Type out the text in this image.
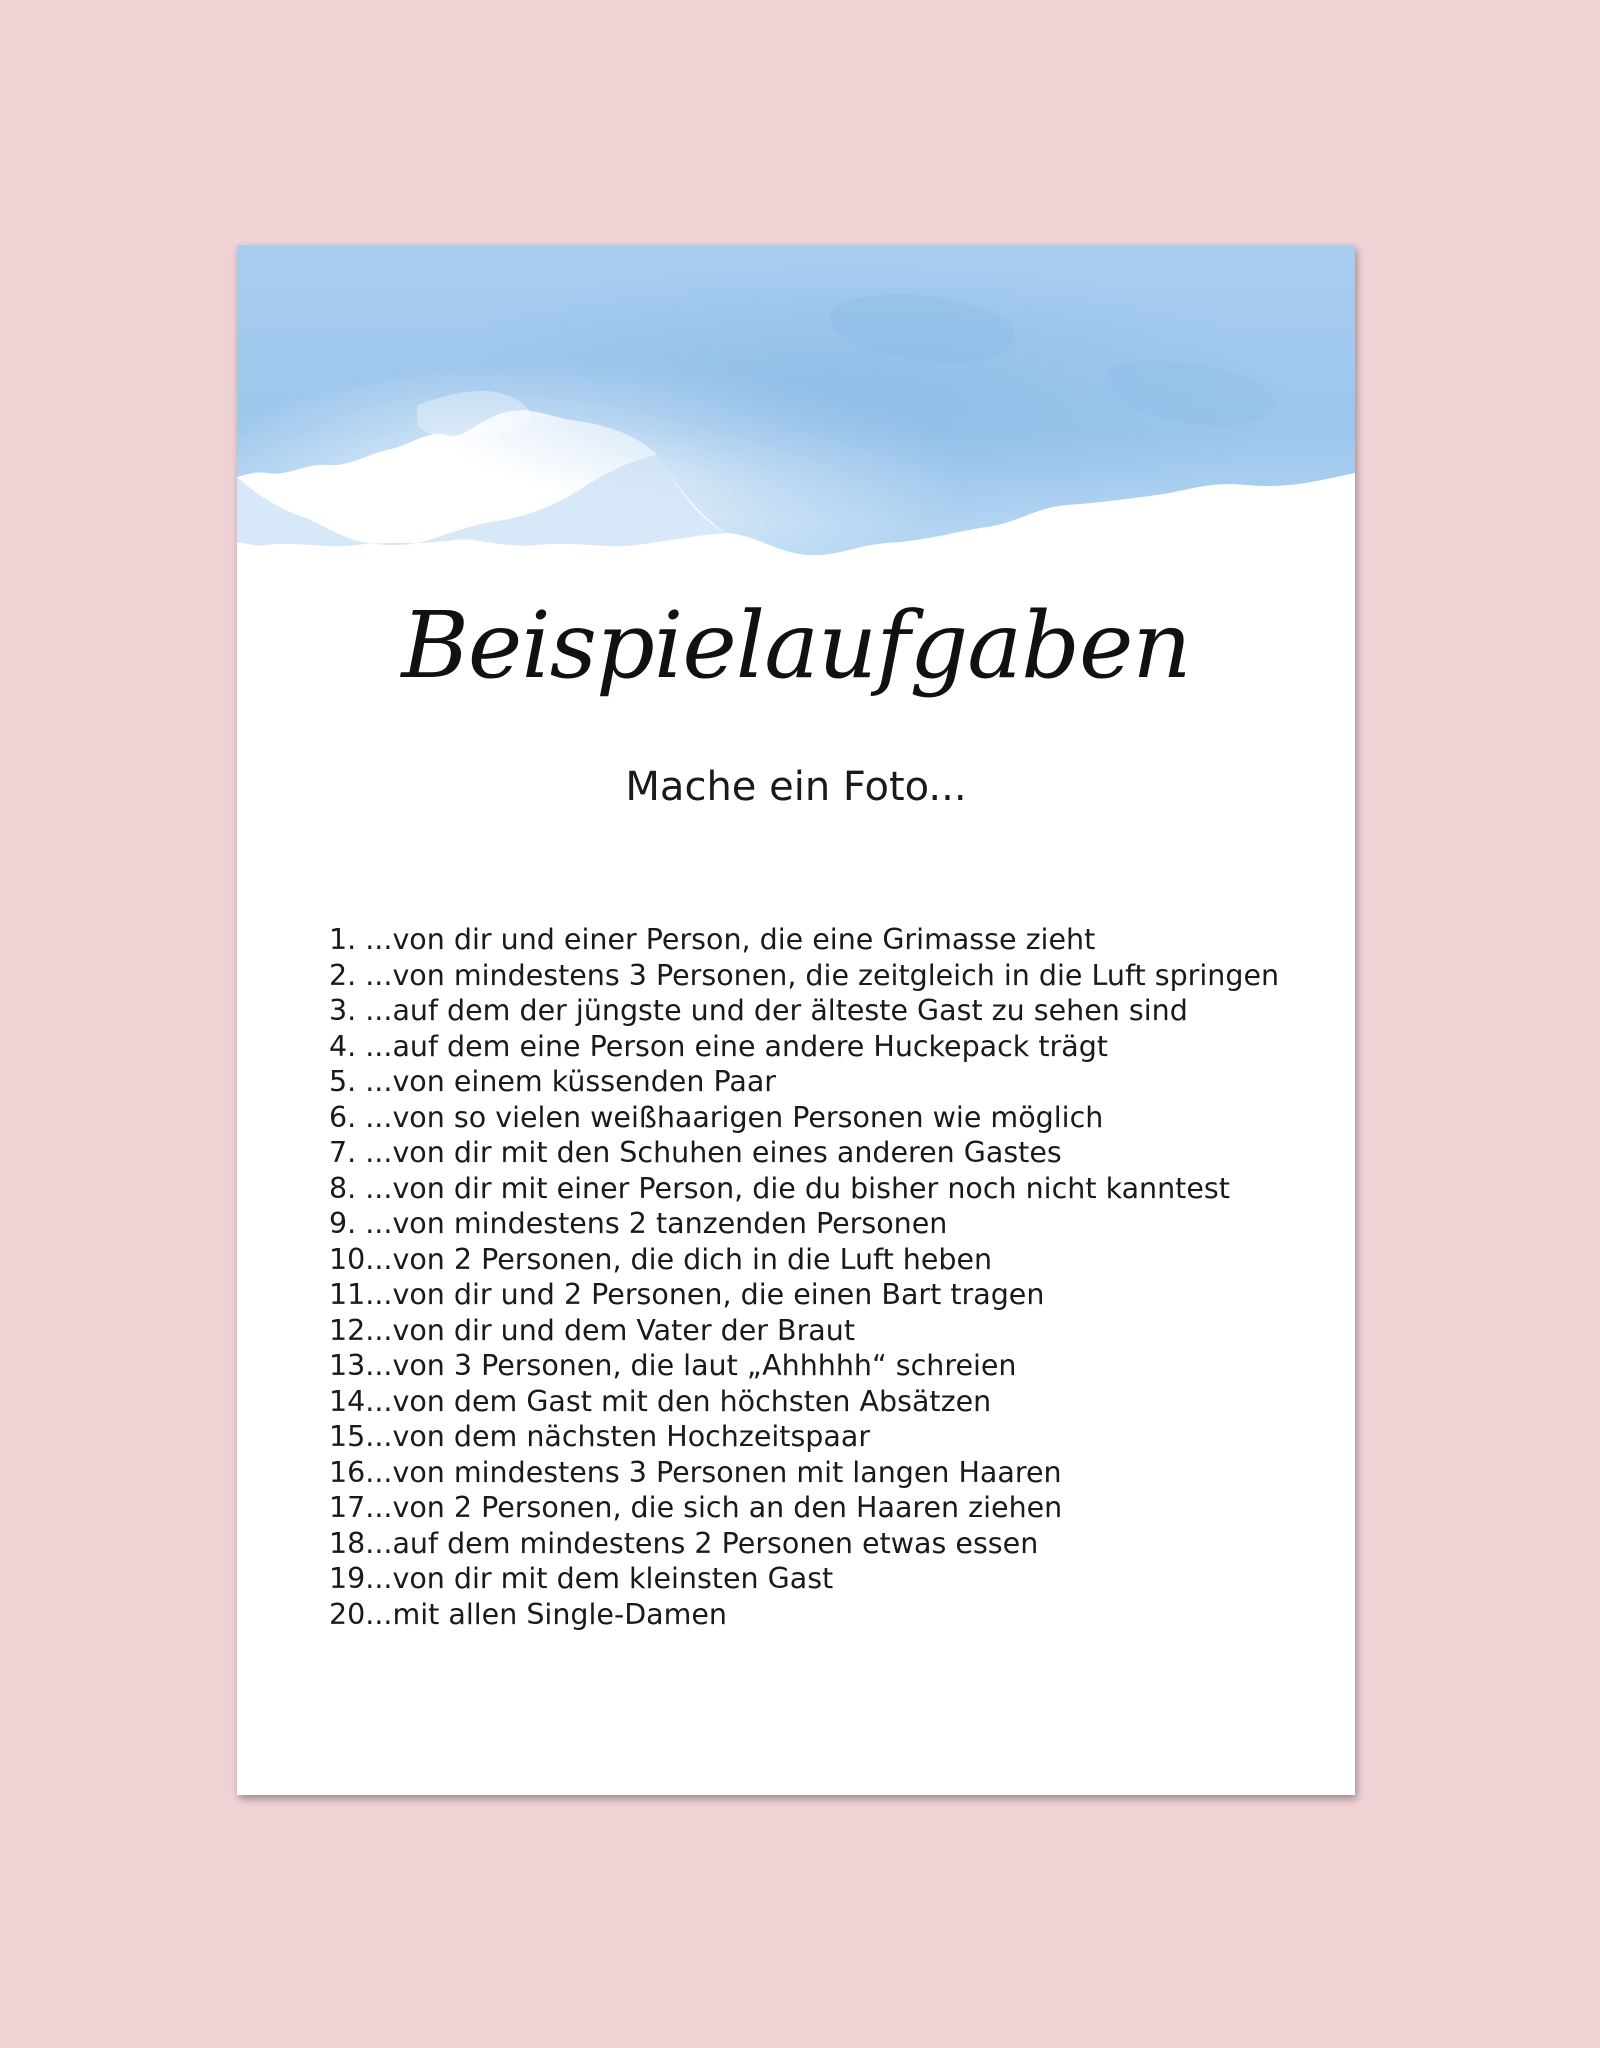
Beispielaufgaben
Mache ein Foto...
1. ... von dir und einer Person, die eine Grimasse zieht
2. ... von mindestens 3 Personen, die zeitgleich in die Luft springen
3. ... auf dem der jüngste und der älteste Gast zu sehen sind
4. ... auf dem eine Person eine andere Huckepack trägt
5. ... von einem küssenden Paar
6. ... von so vielen weißhaarigen Personen wie möglich
7. ... von dir mit den Schuhen eines anderen Gastes
8. ... von dir mit einer Person, die du bisher noch nicht kanntest
9. ... von mindestens 2 tanzenden Personen
10... von 2 Personen, die dich in die Luft heben
11... von dir und 2 Personen, die einen Bart tragen
12... von dir und dem Vater der Braut
13... von 3 Personen, die laut „Ahhhhh“ schreien
14... von dem Gast mit den höchsten Absätzen
15... von dem nächsten Hochzeitspaar
16... von mindestens 3 Personen mit langen Haaren
17... von 2 Personen, die sich an den Haaren ziehen
18... auf dem mindestens 2 Personen etwas essen
19... von dir mit dem kleinsten Gast
20... mit allen Single-Damen
